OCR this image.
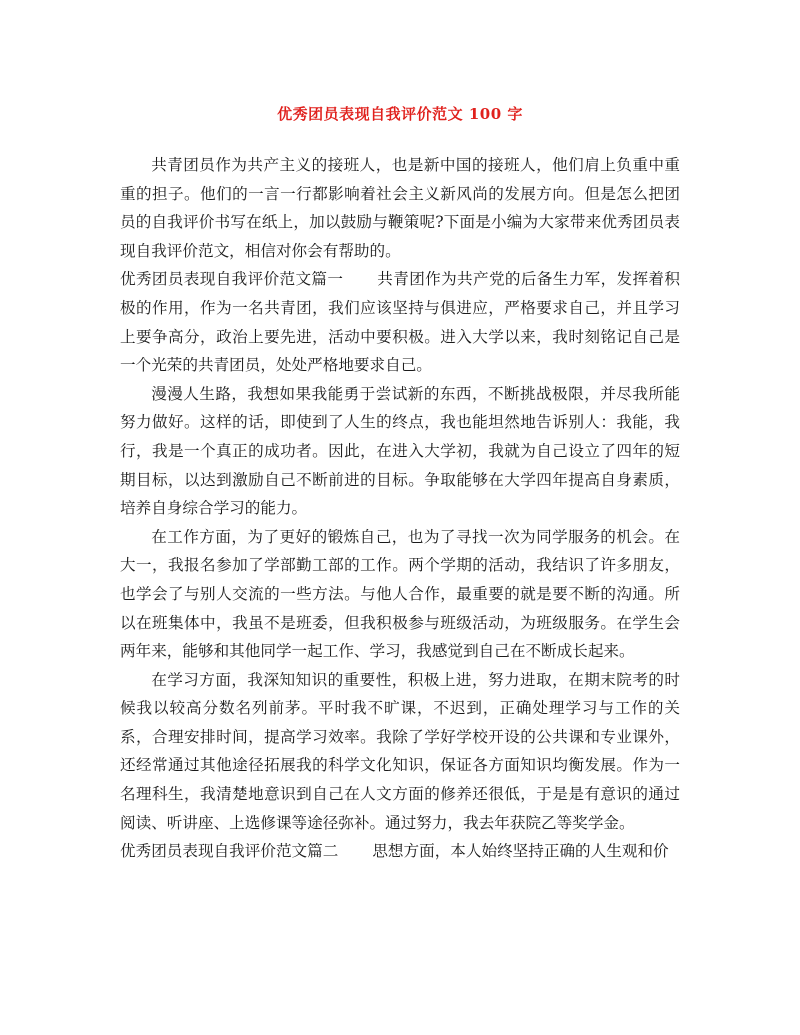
优秀团员表现自我评价范文 100 字

共青团员作为共产主义的接班人，也是新中国的接班人，他们肩上负重中重重的担子。他们的一言一行都影响着社会主义新风尚的发展方向。但是怎么把团员的自我评价书写在纸上，加以鼓励与鞭策呢?下面是小编为大家带来优秀团员表现自我评价范文，相信对你会有帮助的。

优秀团员表现自我评价范文篇一 共青团作为共产党的后备生力军，发挥着积极的作用，作为一名共青团，我们应该坚持与俱进应，严格要求自己，并且学习上要争高分，政治上要先进，活动中要积极。进入大学以来，我时刻铭记自己是一个光荣的共青团员，处处严格地要求自己。

漫漫人生路，我想如果我能勇于尝试新的东西，不断挑战极限，并尽我所能努力做好。这样的话，即使到了人生的终点，我也能坦然地告诉别人：我能，我行，我是一个真正的成功者。因此，在进入大学初，我就为自己设立了四年的短期目标，以达到激励自己不断前进的目标。争取能够在大学四年提高自身素质，培养自身综合学习的能力。

在工作方面，为了更好的锻炼自己，也为了寻找一次为同学服务的机会。在大一，我报名参加了学部勤工部的工作。两个学期的活动，我结识了许多朋友，也学会了与别人交流的一些方法。与他人合作，最重要的就是要不断的沟通。所以在班集体中，我虽不是班委，但我积极参与班级活动，为班级服务。在学生会两年来，能够和其他同学一起工作、学习，我感觉到自己在不断成长起来。

在学习方面，我深知知识的重要性，积极上进，努力进取，在期末院考的时候我以较高分数名列前茅。平时我不旷课，不迟到，正确处理学习与工作的关系，合理安排时间，提高学习效率。我除了学好学校开设的公共课和专业课外，还经常通过其他途径拓展我的科学文化知识，保证各方面知识均衡发展。作为一名理科生，我清楚地意识到自己在人文方面的修养还很低，于是是有意识的通过阅读、听讲座、上选修课等途径弥补。通过努力，我去年获院乙等奖学金。

优秀团员表现自我评价范文篇二 思想方面，本人始终坚持正确的人生观和价
